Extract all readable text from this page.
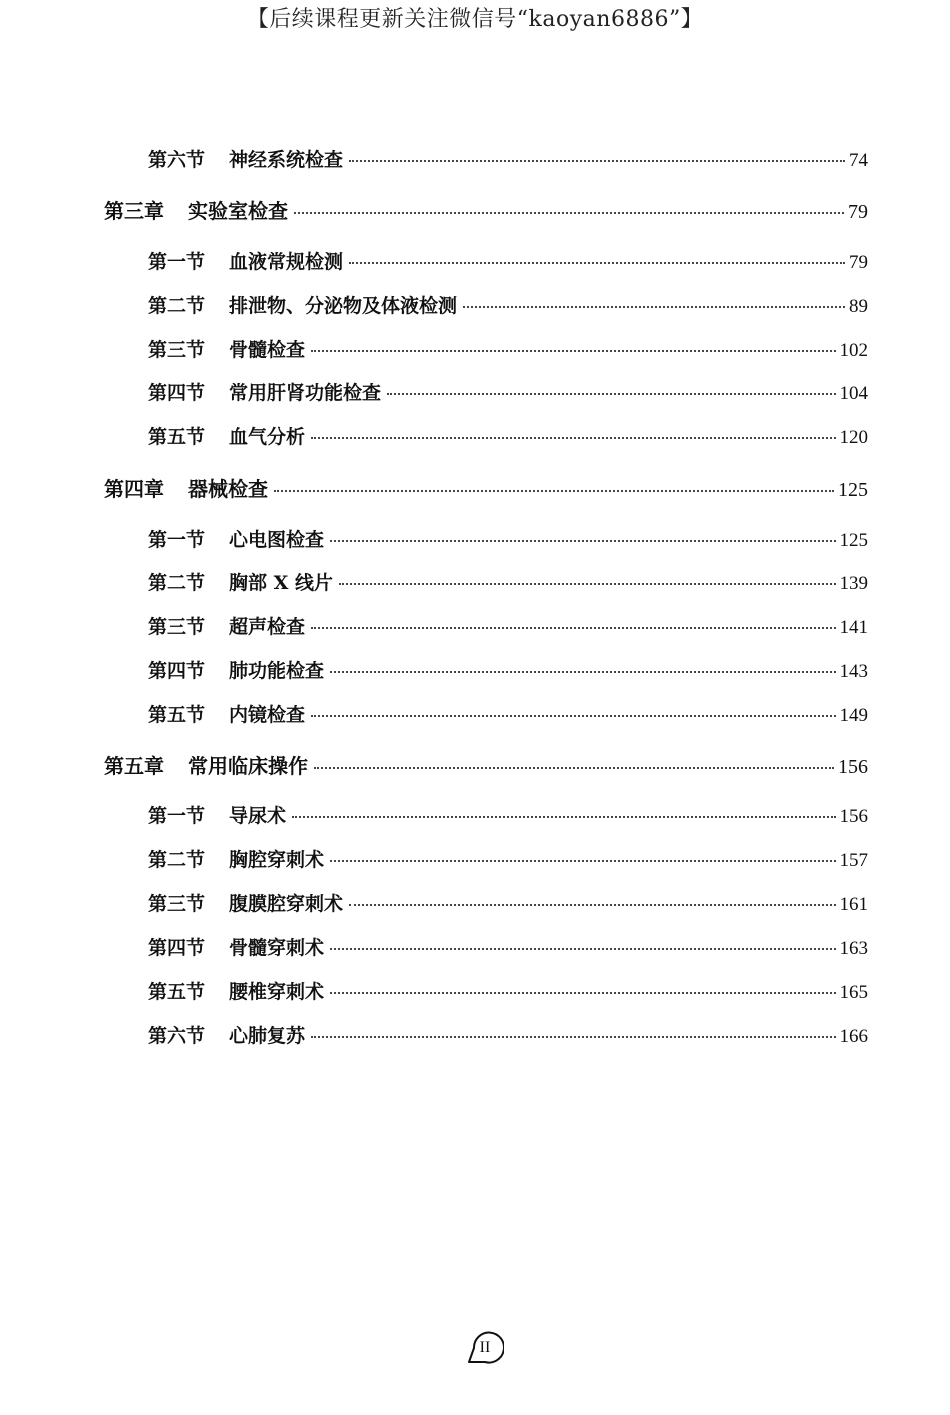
【后续课程更新关注微信号“kaoyan6886”】
第六节	神经系统检查	74
第三章	实验室检查	79
第一节	血液常规检测	79
第二节	排泄物、分泌物及体液检测	89
第三节	骨髓检查	102
第四节	常用肝肾功能检查	104
第五节	血气分析	120
第四章	器械检查	125
第一节	心电图检查	125
第二节	胸部 X 线片	139
第三节	超声检查	141
第四节	肺功能检查	143
第五节	内镜检查	149
第五章	常用临床操作	156
第一节	导尿术	156
第二节	胸腔穿刺术	157
第三节	腹膜腔穿刺术	161
第四节	骨髓穿刺术	163
第五节	腰椎穿刺术	165
第六节	心肺复苏	166
II
